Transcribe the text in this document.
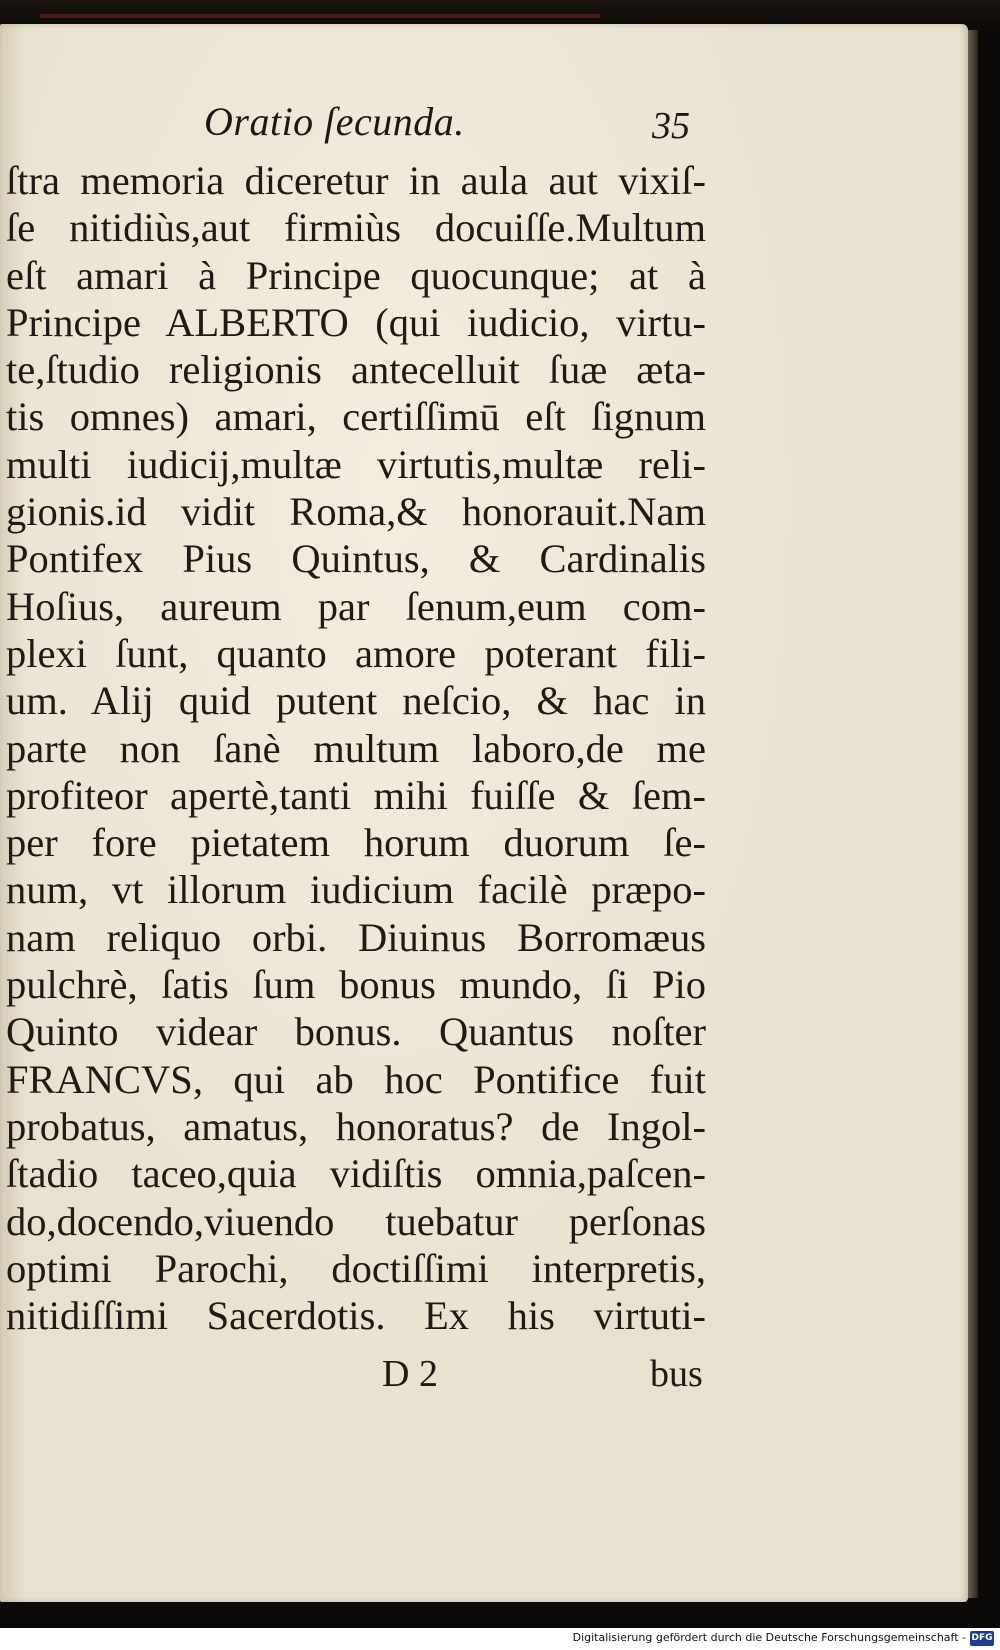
Oratio ſecunda.	35
ſtra memoria diceretur in aula aut vixiſ-
ſe nitidiùs,aut firmiùs docuiſſe.Multum
eſt amari à Principe quocunque; at à
Principe ALBERTO (qui iudicio, virtu-
te,ſtudio religionis antecelluit ſuæ æta-
tis omnes) amari, certiſſimū eſt ſignum
multi iudicij,multæ virtutis,multæ reli-
gionis.id vidit Roma,& honorauit.Nam
Pontifex Pius Quintus, & Cardinalis
Hoſius, aureum par ſenum,eum com-
plexi ſunt, quanto amore poterant fili-
um. Alij quid putent neſcio, & hac in
parte non ſanè multum laboro,de me
profiteor apertè,tanti mihi fuiſſe & ſem-
per fore pietatem horum duorum ſe-
num, vt illorum iudicium facilè præpo-
nam reliquo orbi. Diuinus Borromæus
pulchrè, ſatis ſum bonus mundo, ſi Pio
Quinto videar bonus. Quantus noſter
FRANCVS, qui ab hoc Pontifice fuit
probatus, amatus, honoratus? de Ingol-
ſtadio taceo,quia vidiſtis omnia,paſcen-
do,docendo,viuendo tuebatur perſonas
optimi Parochi, doctiſſimi interpretis,
nitidiſſimi Sacerdotis. Ex his virtuti-
D 2	bus
Digitalisierung gefördert durch die Deutsche Forschungsgemeinschaft - DFG
